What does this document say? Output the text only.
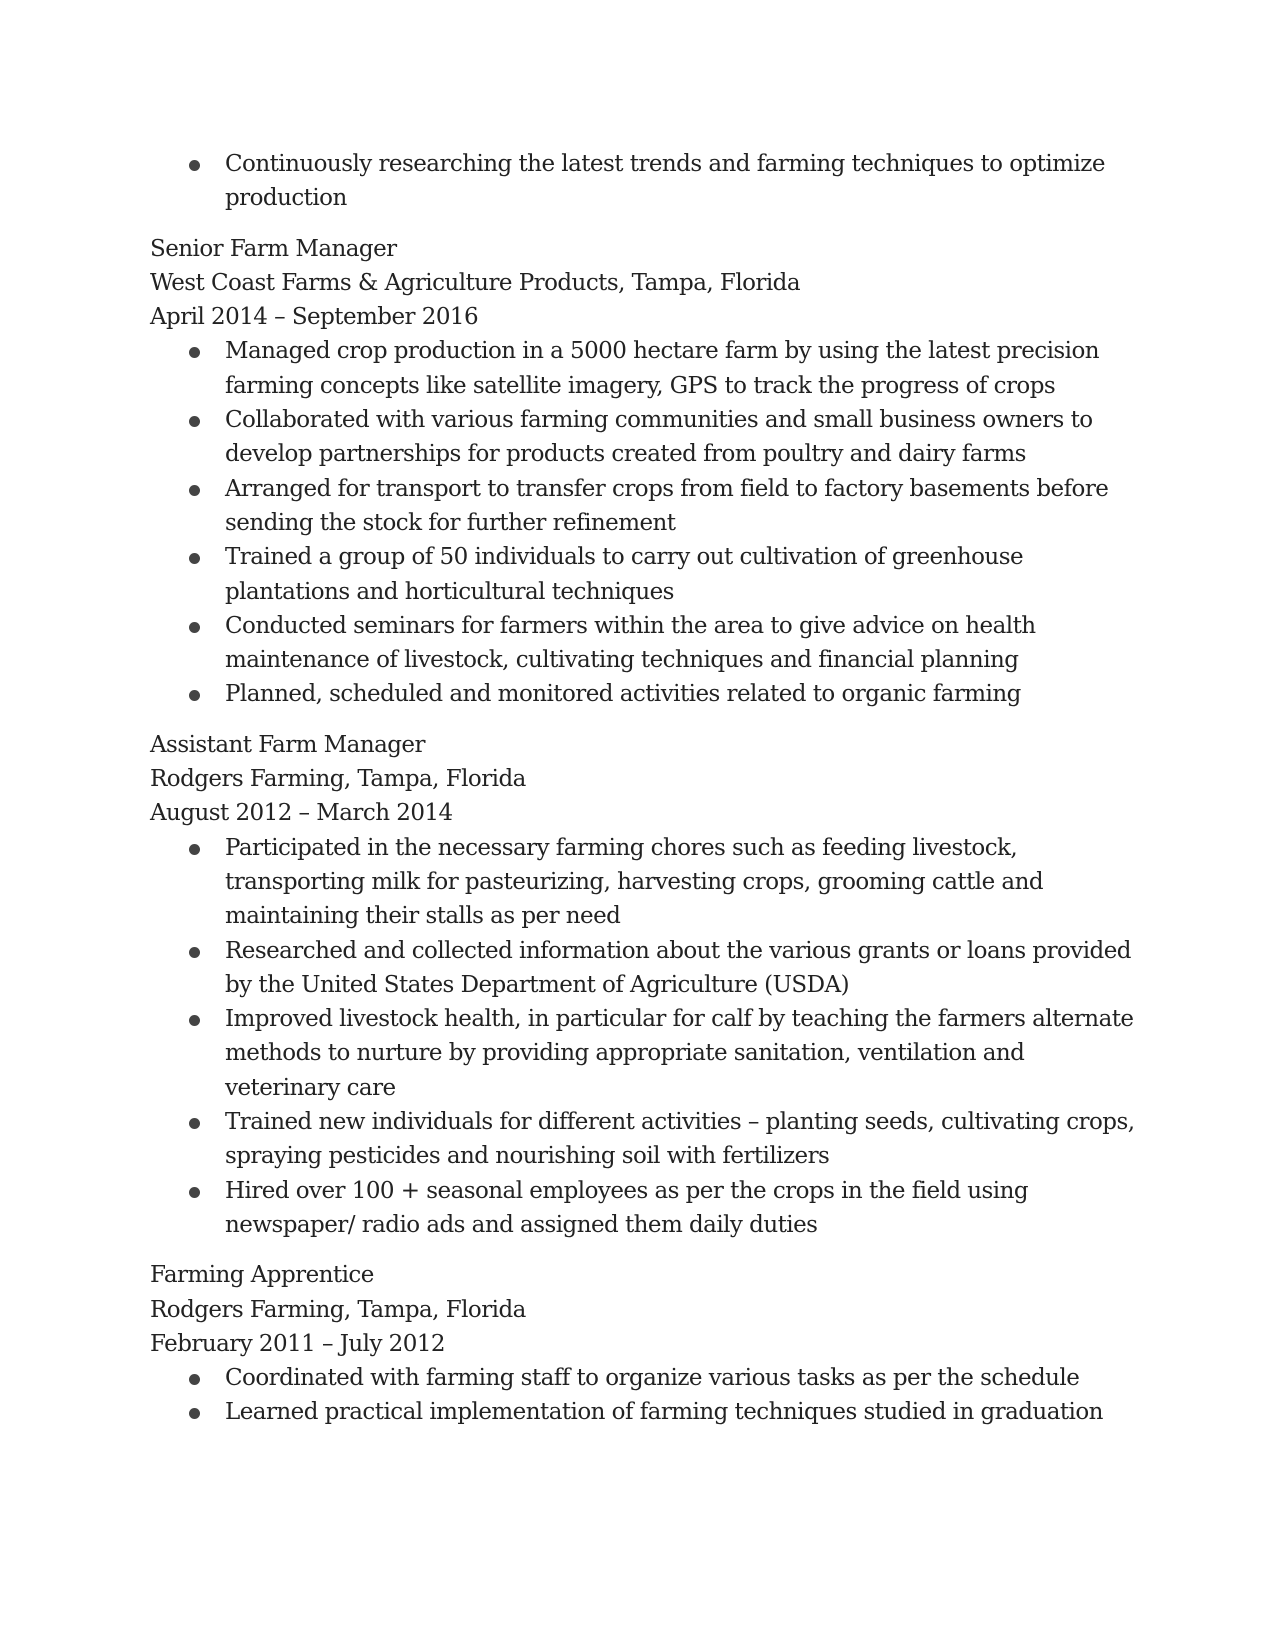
Continuously researching the latest trends and farming techniques to optimize production
Senior Farm Manager
West Coast Farms & Agriculture Products, Tampa, Florida
April 2014 – September 2016
Managed crop production in a 5000 hectare farm by using the latest precision farming concepts like satellite imagery, GPS to track the progress of crops
Collaborated with various farming communities and small business owners to develop partnerships for products created from poultry and dairy farms
Arranged for transport to transfer crops from field to factory basements before sending the stock for further refinement
Trained a group of 50 individuals to carry out cultivation of greenhouse plantations and horticultural techniques
Conducted seminars for farmers within the area to give advice on health maintenance of livestock, cultivating techniques and financial planning
Planned, scheduled and monitored activities related to organic farming
Assistant Farm Manager
Rodgers Farming, Tampa, Florida
August 2012 – March 2014
Participated in the necessary farming chores such as feeding livestock, transporting milk for pasteurizing, harvesting crops, grooming cattle and maintaining their stalls as per need
Researched and collected information about the various grants or loans provided by the United States Department of Agriculture (USDA)
Improved livestock health, in particular for calf by teaching the farmers alternate methods to nurture by providing appropriate sanitation, ventilation and veterinary care
Trained new individuals for different activities – planting seeds, cultivating crops, spraying pesticides and nourishing soil with fertilizers
Hired over 100 + seasonal employees as per the crops in the field using newspaper/ radio ads and assigned them daily duties
Farming Apprentice
Rodgers Farming, Tampa, Florida
February 2011 – July 2012
Coordinated with farming staff to organize various tasks as per the schedule
Learned practical implementation of farming techniques studied in graduation
